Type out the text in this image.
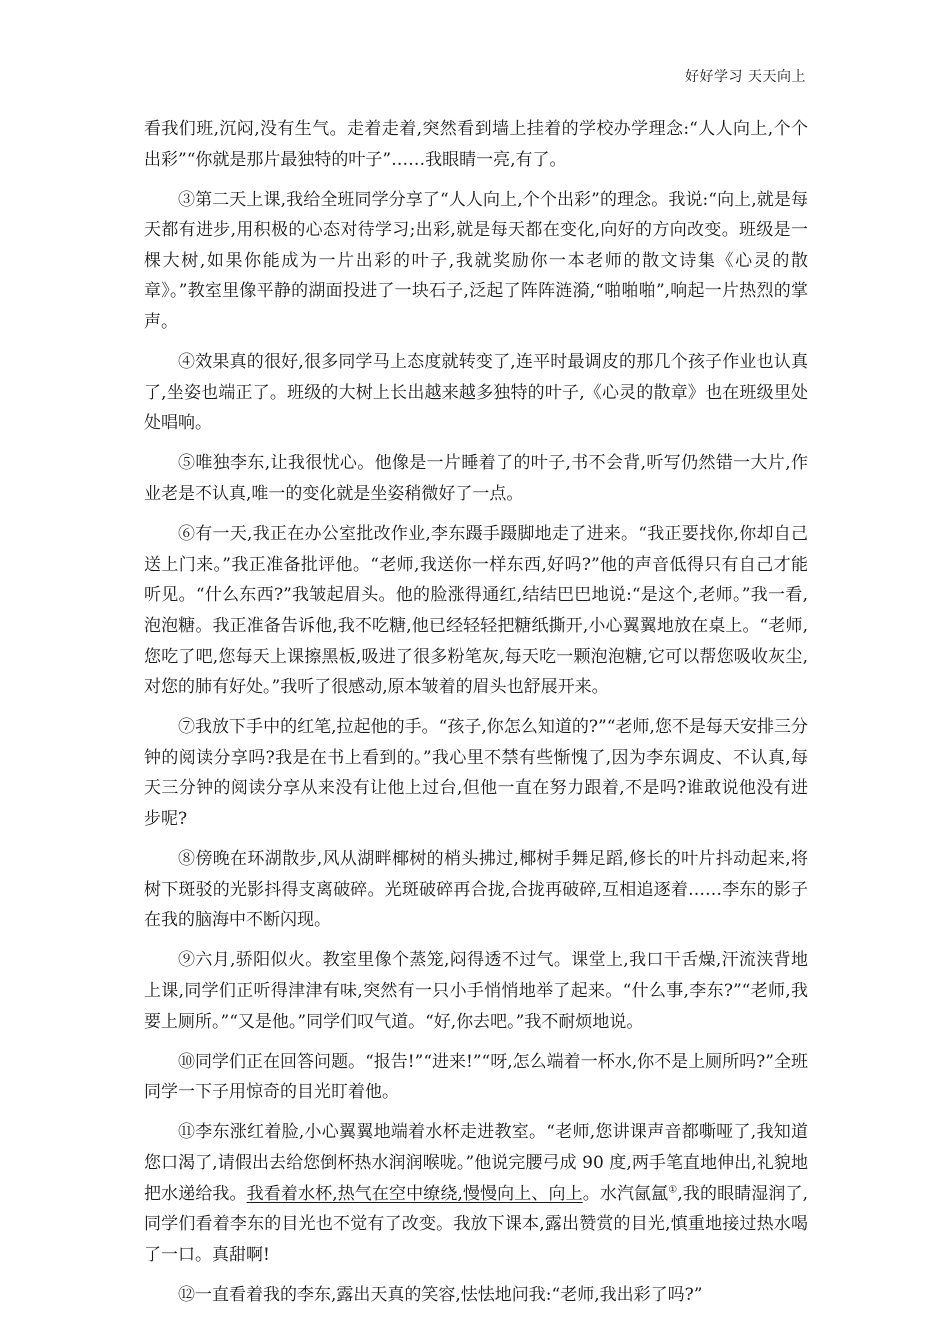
好好学习 天天向上

看我们班,沉闷,没有生气。走着走着,突然看到墙上挂着的学校办学理念:“人人向上,个个出彩”“你就是那片最独特的叶子”……我眼睛一亮,有了。

③第二天上课,我给全班同学分享了“人人向上,个个出彩”的理念。我说:“向上,就是每天都有进步,用积极的心态对待学习;出彩,就是每天都在变化,向好的方向改变。班级是一棵大树,如果你能成为一片出彩的叶子,我就奖励你一本老师的散文诗集《心灵的散章》。”教室里像平静的湖面投进了一块石子,泛起了阵阵涟漪,“啪啪啪”,响起一片热烈的掌声。

④效果真的很好,很多同学马上态度就转变了,连平时最调皮的那几个孩子作业也认真了,坐姿也端正了。班级的大树上长出越来越多独特的叶子,《心灵的散章》也在班级里处处唱响。

⑤唯独李东,让我很忧心。他像是一片睡着了的叶子,书不会背,听写仍然错一大片,作业老是不认真,唯一的变化就是坐姿稍微好了一点。

⑥有一天,我正在办公室批改作业,李东蹑手蹑脚地走了进来。“我正要找你,你却自己送上门来。”我正准备批评他。“老师,我送你一样东西,好吗?”他的声音低得只有自己才能听见。“什么东西?”我皱起眉头。他的脸涨得通红,结结巴巴地说:“是这个,老师。”我一看,泡泡糖。我正准备告诉他,我不吃糖,他已经轻轻把糖纸撕开,小心翼翼地放在桌上。“老师,您吃了吧,您每天上课擦黑板,吸进了很多粉笔灰,每天吃一颗泡泡糖,它可以帮您吸收灰尘,对您的肺有好处。”我听了很感动,原本皱着的眉头也舒展开来。

⑦我放下手中的红笔,拉起他的手。“孩子,你怎么知道的?”“老师,您不是每天安排三分钟的阅读分享吗?我是在书上看到的。”我心里不禁有些惭愧了,因为李东调皮、不认真,每天三分钟的阅读分享从来没有让他上过台,但他一直在努力跟着,不是吗?谁敢说他没有进步呢?

⑧傍晚在环湖散步,风从湖畔椰树的梢头拂过,椰树手舞足蹈,修长的叶片抖动起来,将树下斑驳的光影抖得支离破碎。光斑破碎再合拢,合拢再破碎,互相追逐着……李东的影子在我的脑海中不断闪现。

⑨六月,骄阳似火。教室里像个蒸笼,闷得透不过气。课堂上,我口干舌燥,汗流浃背地上课,同学们正听得津津有味,突然有一只小手悄悄地举了起来。“什么事,李东?”“老师,我要上厕所。”“又是他。”同学们叹气道。“好,你去吧。”我不耐烦地说。

⑩同学们正在回答问题。“报告!”“进来!”“呀,怎么端着一杯水,你不是上厕所吗?”全班同学一下子用惊奇的目光盯着他。

⑪李东涨红着脸,小心翼翼地端着水杯走进教室。“老师,您讲课声音都嘶哑了,我知道您口渴了,请假出去给您倒杯热水润润喉咙。”他说完腰弓成 90 度,两手笔直地伸出,礼貌地把水递给我。我看着水杯,热气在空中缭绕,慢慢向上、向上。水汽氤氲①,我的眼睛湿润了,同学们看着李东的目光也不觉有了改变。我放下课本,露出赞赏的目光,慎重地接过热水喝了一口。真甜啊!

⑫一直看着我的李东,露出天真的笑容,怯怯地问我:“老师,我出彩了吗?”
